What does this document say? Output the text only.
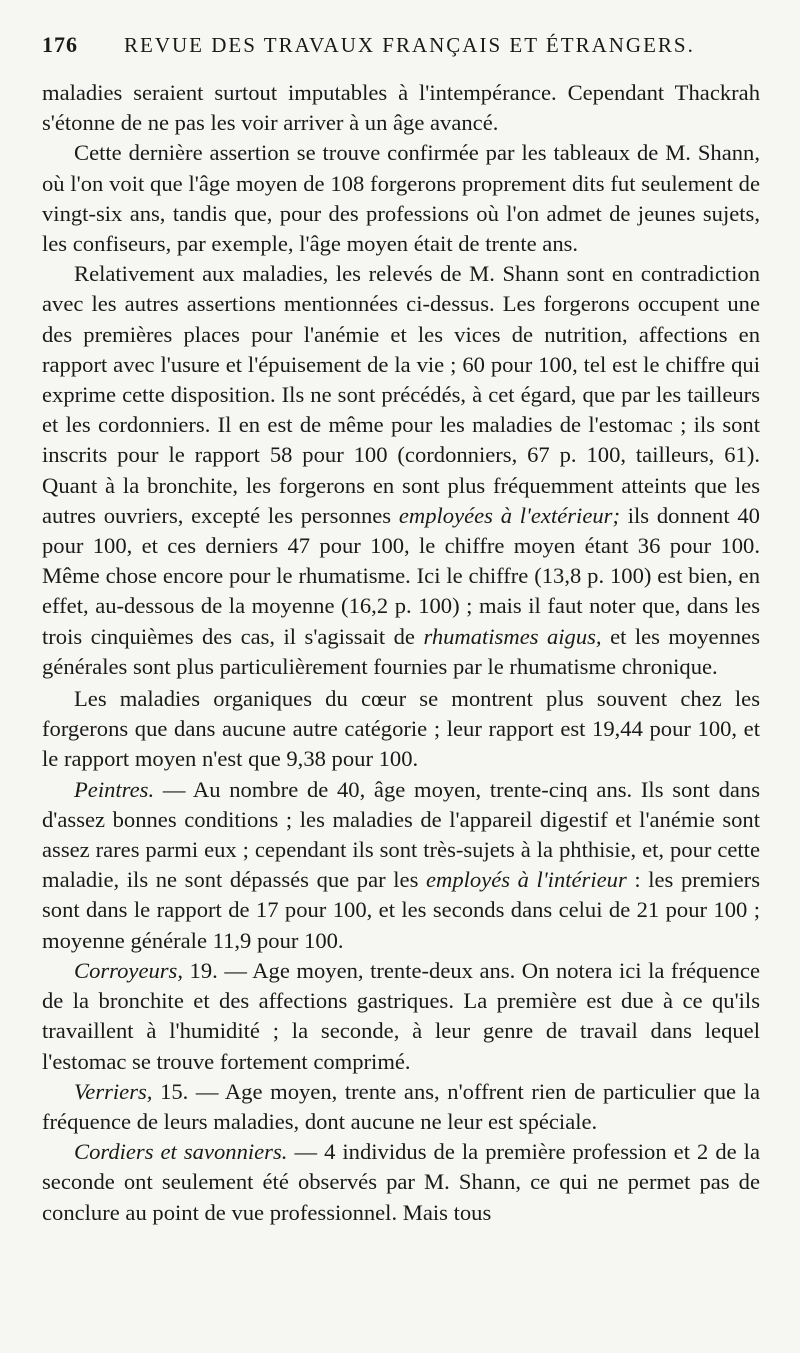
176	REVUE DES TRAVAUX FRANÇAIS ET ÉTRANGERS.

maladies seraient surtout imputables à l'intempérance. Cependant Thackrah s'étonne de ne pas les voir arriver à un âge avancé.

Cette dernière assertion se trouve confirmée par les tableaux de M. Shann, où l'on voit que l'âge moyen de 108 forgerons proprement dits fut seulement de vingt-six ans, tandis que, pour des professions où l'on admet de jeunes sujets, les confiseurs, par exemple, l'âge moyen était de trente ans.

Relativement aux maladies, les relevés de M. Shann sont en contradiction avec les autres assertions mentionnées ci-dessus. Les forgerons occupent une des premières places pour l'anémie et les vices de nutrition, affections en rapport avec l'usure et l'épuisement de la vie ; 60 pour 100, tel est le chiffre qui exprime cette disposition. Ils ne sont précédés, à cet égard, que par les tailleurs et les cordonniers. Il en est de même pour les maladies de l'estomac ; ils sont inscrits pour le rapport 58 pour 100 (cordonniers, 67 p. 100, tailleurs, 61). Quant à la bronchite, les forgerons en sont plus fréquemment atteints que les autres ouvriers, excepté les personnes employées à l'extérieur; ils donnent 40 pour 100, et ces derniers 47 pour 100, le chiffre moyen étant 36 pour 100. Même chose encore pour le rhumatisme. Ici le chiffre (13,8 p. 100) est bien, en effet, au-dessous de la moyenne (16,2 p. 100) ; mais il faut noter que, dans les trois cinquièmes des cas, il s'agissait de rhumatismes aigus, et les moyennes générales sont plus particulièrement fournies par le rhumatisme chronique.

Les maladies organiques du cœur se montrent plus souvent chez les forgerons que dans aucune autre catégorie ; leur rapport est 19,44 pour 100, et le rapport moyen n'est que 9,38 pour 100.

Peintres. — Au nombre de 40, âge moyen, trente-cinq ans. Ils sont dans d'assez bonnes conditions ; les maladies de l'appareil digestif et l'anémie sont assez rares parmi eux ; cependant ils sont très-sujets à la phthisie, et, pour cette maladie, ils ne sont dépassés que par les employés à l'intérieur : les premiers sont dans le rapport de 17 pour 100, et les seconds dans celui de 21 pour 100 ; moyenne générale 11,9 pour 100.

Corroyeurs, 19. — Age moyen, trente-deux ans. On notera ici la fréquence de la bronchite et des affections gastriques. La première est due à ce qu'ils travaillent à l'humidité ; la seconde, à leur genre de travail dans lequel l'estomac se trouve fortement comprimé.

Verriers, 15. — Age moyen, trente ans, n'offrent rien de particulier que la fréquence de leurs maladies, dont aucune ne leur est spéciale.

Cordiers et savonniers. — 4 individus de la première profession et 2 de la seconde ont seulement été observés par M. Shann, ce qui ne permet pas de conclure au point de vue professionnel. Mais tous
